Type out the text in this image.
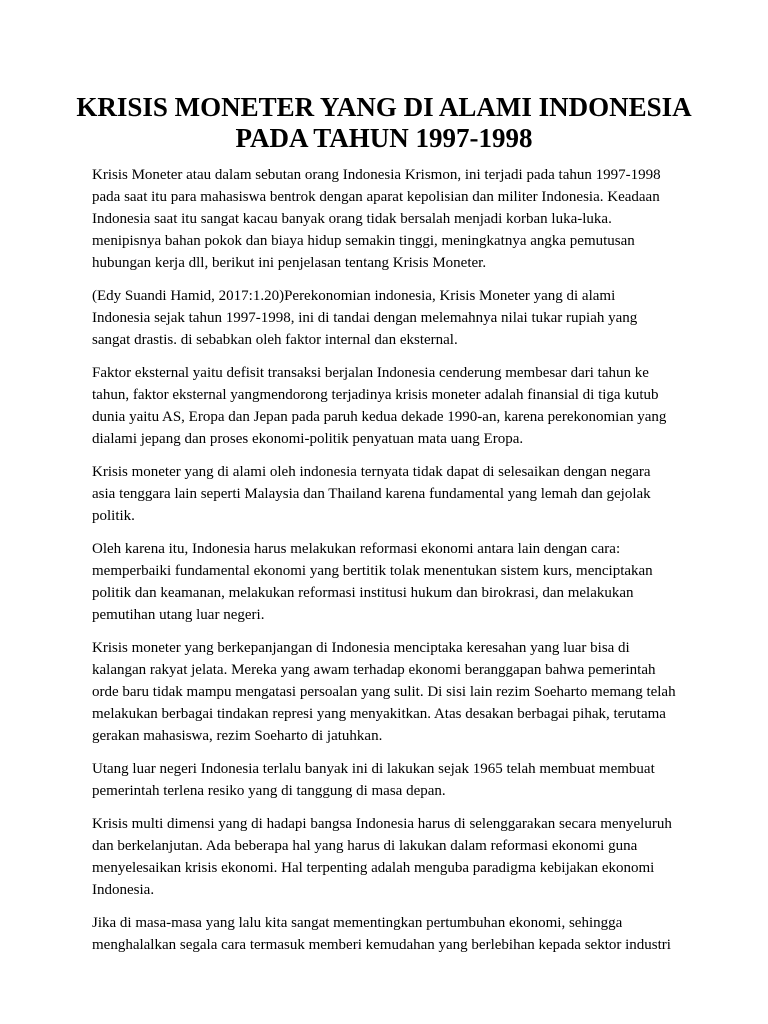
KRISIS MONETER YANG DI ALAMI INDONESIA
PADA TAHUN 1997-1998

Krisis Moneter atau dalam sebutan orang Indonesia Krismon, ini terjadi pada tahun 1997-1998
pada saat itu para mahasiswa bentrok dengan aparat kepolisian dan militer Indonesia. Keadaan
Indonesia saat itu sangat kacau banyak orang tidak bersalah menjadi korban luka-luka.
menipisnya bahan pokok dan biaya hidup semakin tinggi, meningkatnya angka pemutusan
hubungan kerja dll, berikut ini penjelasan tentang Krisis Moneter.

(Edy Suandi Hamid, 2017:1.20)Perekonomian indonesia, Krisis Moneter yang di alami
Indonesia sejak tahun 1997-1998, ini di tandai dengan melemahnya nilai tukar rupiah yang
sangat drastis. di sebabkan oleh faktor internal dan eksternal.

Faktor eksternal yaitu defisit transaksi berjalan Indonesia cenderung membesar dari tahun ke
tahun, faktor eksternal yangmendorong terjadinya krisis moneter adalah finansial di tiga kutub
dunia yaitu AS, Eropa dan Jepan pada paruh kedua dekade 1990-an, karena perekonomian yang
dialami jepang dan proses ekonomi-politik penyatuan mata uang Eropa.

Krisis moneter yang di alami oleh indonesia ternyata tidak dapat di selesaikan dengan negara
asia tenggara lain seperti Malaysia dan Thailand karena fundamental yang lemah dan gejolak
politik.

Oleh karena itu, Indonesia harus melakukan reformasi ekonomi antara lain dengan cara:
memperbaiki fundamental ekonomi yang bertitik tolak menentukan sistem kurs, menciptakan
politik dan keamanan, melakukan reformasi institusi hukum dan birokrasi, dan melakukan
pemutihan utang luar negeri.

Krisis moneter yang berkepanjangan di Indonesia menciptaka keresahan yang luar bisa di
kalangan rakyat jelata. Mereka yang awam terhadap ekonomi beranggapan bahwa pemerintah
orde baru tidak mampu mengatasi persoalan yang sulit. Di sisi lain rezim Soeharto memang telah
melakukan berbagai tindakan represi yang menyakitkan. Atas desakan berbagai pihak, terutama
gerakan mahasiswa, rezim Soeharto di jatuhkan.

Utang luar negeri Indonesia terlalu banyak ini di lakukan sejak 1965 telah membuat membuat
pemerintah terlena resiko yang di tanggung di masa depan.

Krisis multi dimensi yang di hadapi bangsa Indonesia harus di selenggarakan secara menyeluruh
dan berkelanjutan. Ada beberapa hal yang harus di lakukan dalam reformasi ekonomi guna
menyelesaikan krisis ekonomi. Hal terpenting adalah menguba paradigma kebijakan ekonomi
Indonesia.

Jika di masa-masa yang lalu kita sangat mementingkan pertumbuhan ekonomi, sehingga
menghalalkan segala cara termasuk memberi kemudahan yang berlebihan kepada sektor industri
